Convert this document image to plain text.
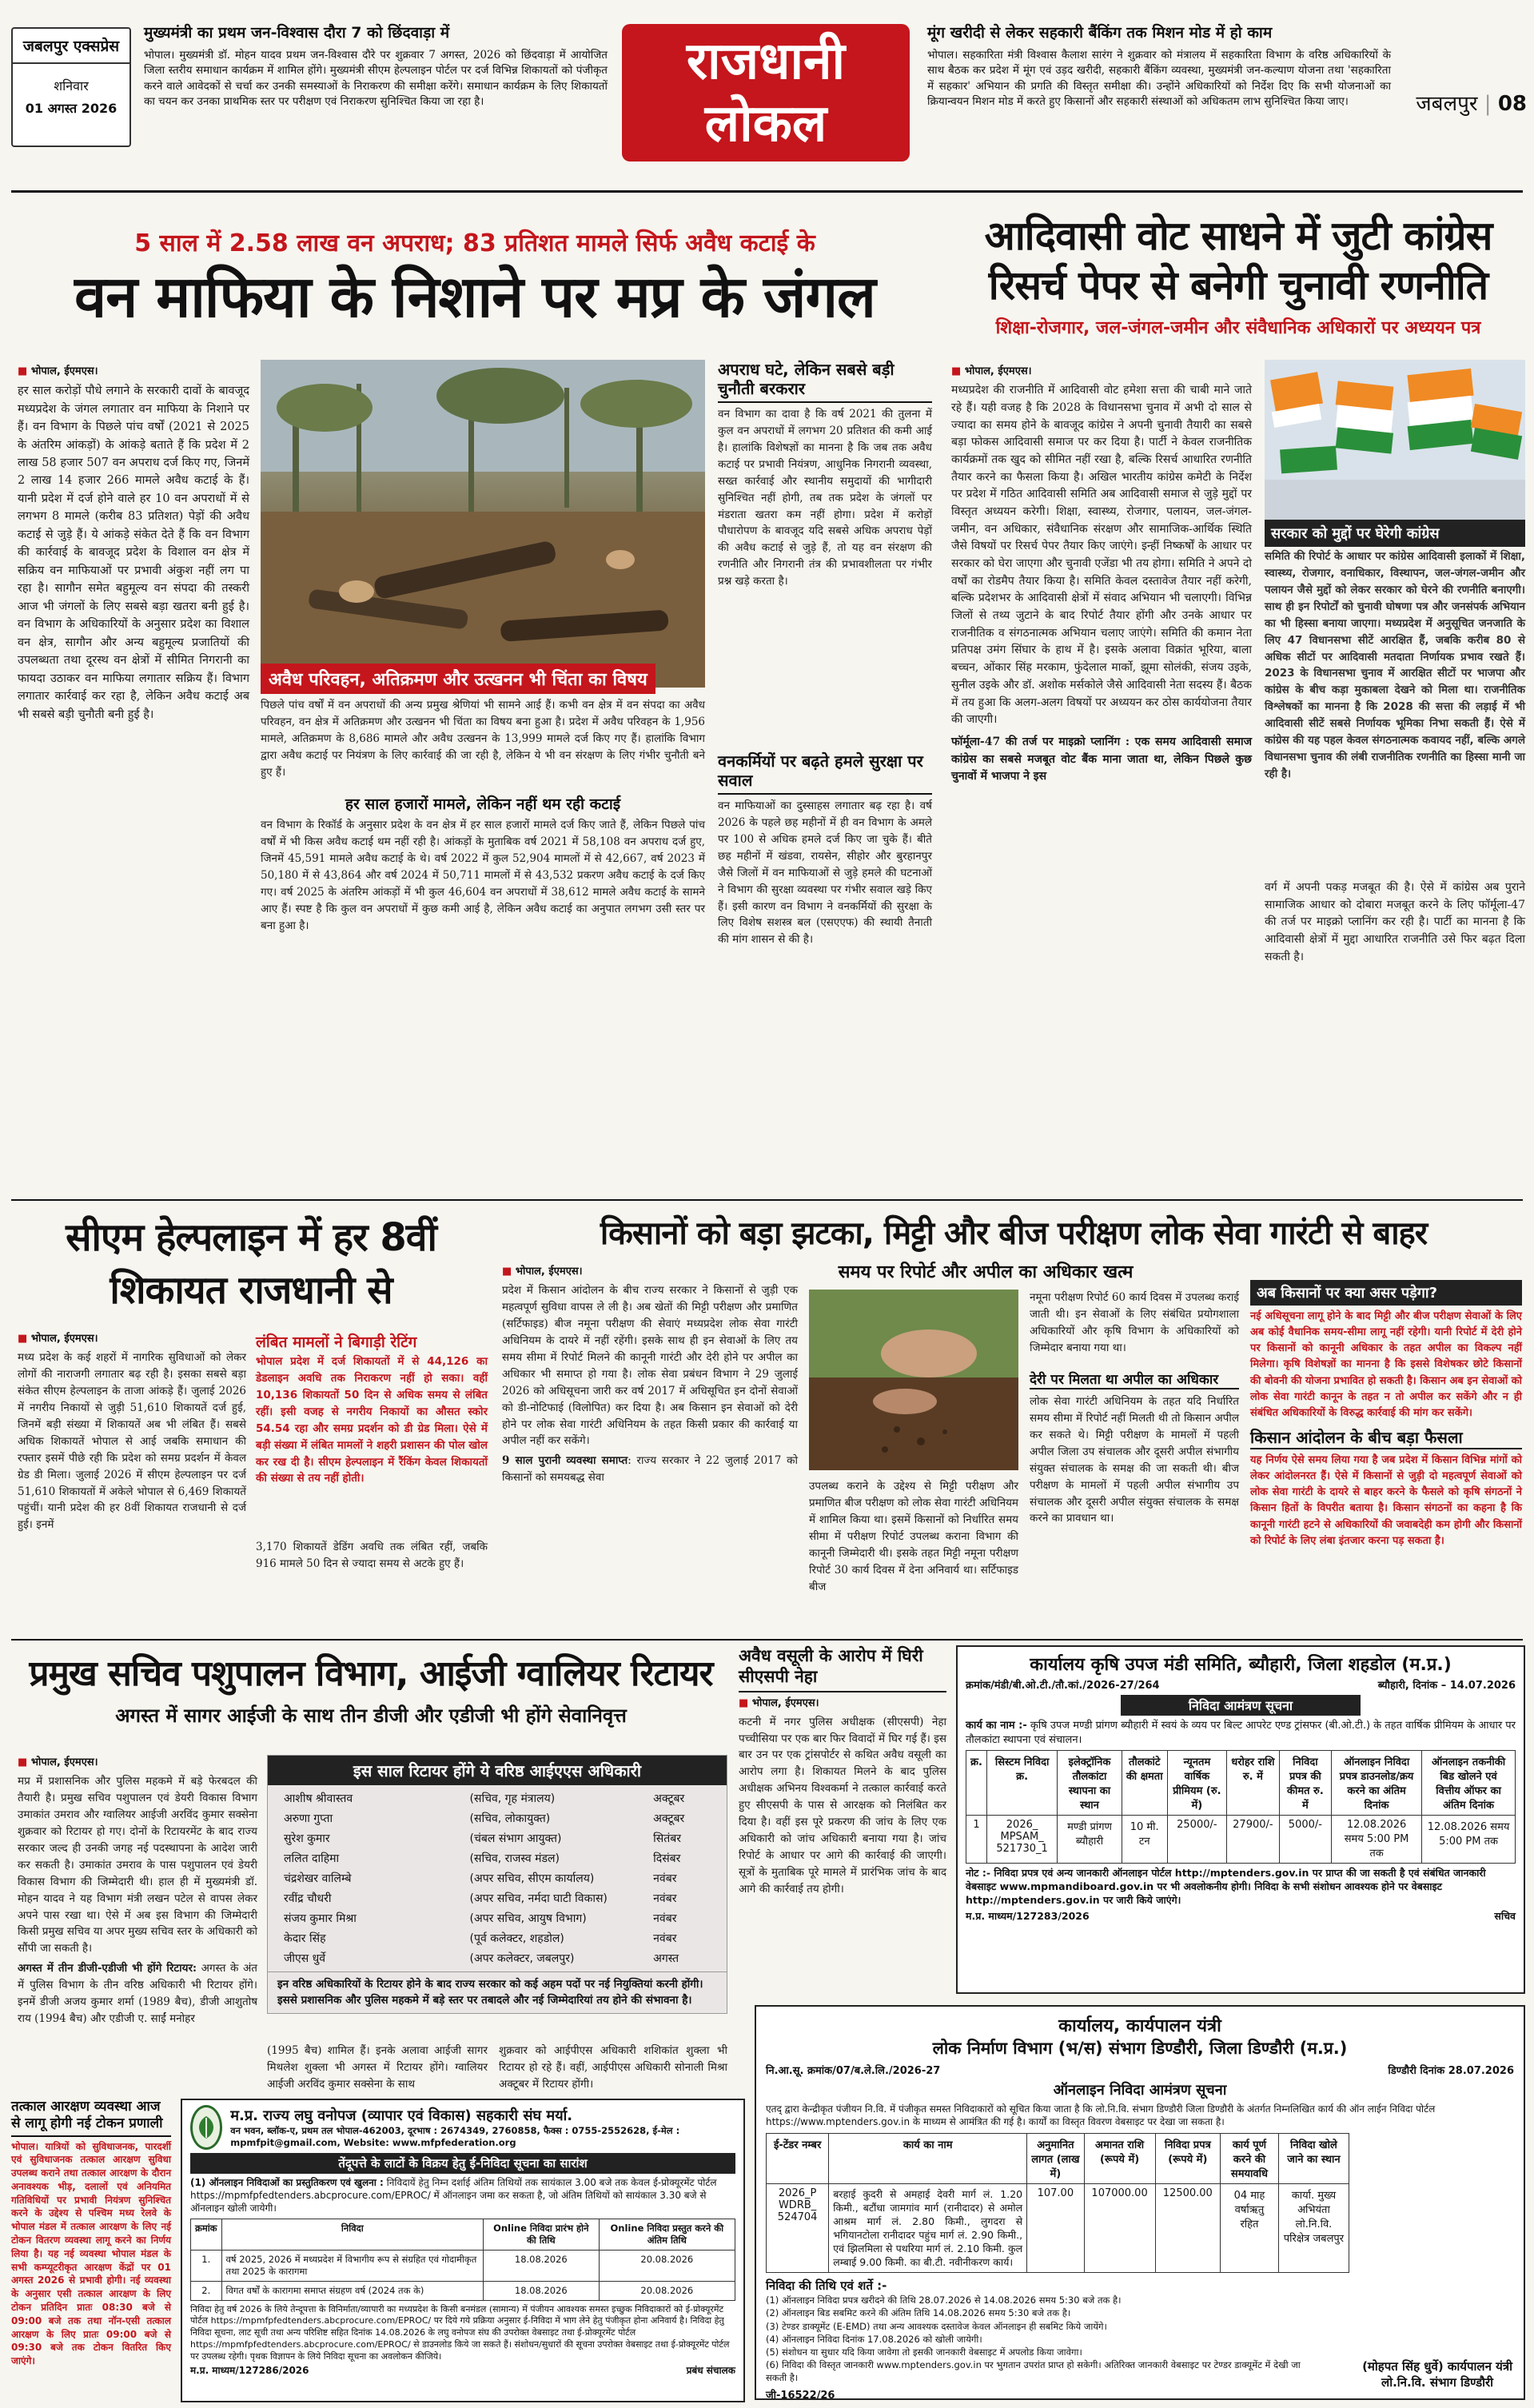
जबलपुर एक्सप्रेस
शनिवार
01 अगस्त 2026
मुख्यमंत्री का प्रथम जन-विश्वास दौरा 7 को छिंदवाड़ा में
भोपाल। मुख्यमंत्री डॉ. मोहन यादव प्रथम जन-विश्वास दौरे पर शुक्रवार 7 अगस्त, 2026 को छिंदवाड़ा में आयोजित जिला स्तरीय समाधान कार्यक्रम में शामिल होंगे। मुख्यमंत्री सीएम हेल्पलाइन पोर्टल पर दर्ज विभिन्न शिकायतों को पंजीकृत करने वाले आवेदकों से चर्चा कर उनकी समस्याओं के निराकरण की समीक्षा करेंगे। समाधान कार्यक्रम के लिए शिकायतों का चयन कर उनका प्राथमिक स्तर पर परीक्षण एवं निराकरण सुनिश्चित किया जा रहा है।
राजधानी लोकल
मूंग खरीदी से लेकर सहकारी बैंकिंग तक मिशन मोड में हो काम
भोपाल। सहकारिता मंत्री विश्वास कैलाश सारंग ने शुक्रवार को मंत्रालय में सहकारिता विभाग के वरिष्ठ अधिकारियों के साथ बैठक कर प्रदेश में मूंग एवं उड़द खरीदी, सहकारी बैंकिंग व्यवस्था, मुख्यमंत्री जन-कल्याण योजना तथा 'सहकारिता में सहकार' अभियान की प्रगति की विस्तृत समीक्षा की। उन्होंने अधिकारियों को निर्देश दिए कि सभी योजनाओं का क्रियान्वयन मिशन मोड में करते हुए किसानों और सहकारी संस्थाओं को अधिकतम लाभ सुनिश्चित किया जाए।	जबलपुर | 08
5 साल में 2.58 लाख वन अपराध; 83 प्रतिशत मामले सिर्फ अवैध कटाई के
वन माफिया के निशाने पर मप्र के जंगल
■ भोपाल, ईएमएस।
हर साल करोड़ों पौधे लगाने के सरकारी दावों के बावजूद मध्यप्रदेश के जंगल लगातार वन माफिया के निशाने पर हैं। वन विभाग के पिछले पांच वर्षों (2021 से 2025 के अंतरिम आंकड़ों) के आंकड़े बताते हैं कि प्रदेश में 2 लाख 58 हजार 507 वन अपराध दर्ज किए गए, जिनमें 2 लाख 14 हजार 266 मामले अवैध कटाई के हैं। यानी प्रदेश में दर्ज होने वाले हर 10 वन अपराधों में से लगभग 8 मामले (करीब 83 प्रतिशत) पेड़ों की अवैध कटाई से जुड़े हैं। ये आंकड़े संकेत देते हैं कि वन विभाग की कार्रवाई के बावजूद प्रदेश के विशाल वन क्षेत्र में सक्रिय वन माफियाओं पर प्रभावी अंकुश नहीं लग पा रहा है। सागौन समेत बहुमूल्य वन संपदा की तस्करी आज भी जंगलों के लिए सबसे बड़ा खतरा बनी हुई है। वन विभाग के अधिकारियों के अनुसार प्रदेश का विशाल वन क्षेत्र, सागौन और अन्य बहुमूल्य प्रजातियों की उपलब्धता तथा दूरस्थ वन क्षेत्रों में सीमित निगरानी का फायदा उठाकर वन माफिया लगातार सक्रिय हैं। विभाग लगातार कार्रवाई कर रहा है, लेकिन अवैध कटाई अब भी सबसे बड़ी चुनौती बनी हुई है।
अवैध परिवहन, अतिक्रमण और उत्खनन भी चिंता का विषय
पिछले पांच वर्षों में वन अपराधों की अन्य प्रमुख श्रेणियां भी सामने आई हैं। कभी वन क्षेत्र में वन संपदा का अवैध परिवहन, वन क्षेत्र में अतिक्रमण और उत्खनन भी चिंता का विषय बना हुआ है। प्रदेश में अवैध परिवहन के 1,956 मामले, अतिक्रमण के 8,686 मामले और अवैध उत्खनन के 13,999 मामले दर्ज किए गए हैं। हालांकि विभाग द्वारा अवैध कटाई पर नियंत्रण के लिए कार्रवाई की जा रही है, लेकिन ये भी वन संरक्षण के लिए गंभीर चुनौती बने हुए हैं।
हर साल हजारों मामले, लेकिन नहीं थम रही कटाई
वन विभाग के रिकॉर्ड के अनुसार प्रदेश के वन क्षेत्र में हर साल हजारों मामले दर्ज किए जाते हैं, लेकिन पिछले पांच वर्षों में भी किस अवैध कटाई थम नहीं रही है। आंकड़ों के मुताबिक वर्ष 2021 में 58,108 वन अपराध दर्ज हुए, जिनमें 45,591 मामले अवैध कटाई के थे। वर्ष 2022 में कुल 52,904 मामलों में से 42,667, वर्ष 2023 में 50,180 में से 43,864 और वर्ष 2024 में 50,711 मामलों में से 43,532 प्रकरण अवैध कटाई के दर्ज किए गए। वर्ष 2025 के अंतरिम आंकड़ों में भी कुल 46,604 वन अपराधों में 38,612 मामले अवैध कटाई के सामने आए हैं। स्पष्ट है कि कुल वन अपराधों में कुछ कमी आई है, लेकिन अवैध कटाई का अनुपात लगभग उसी स्तर पर बना हुआ है।
अपराध घटे, लेकिन सबसे बड़ी चुनौती बरकरार
वन विभाग का दावा है कि वर्ष 2021 की तुलना में कुल वन अपराधों में लगभग 20 प्रतिशत की कमी आई है। हालांकि विशेषज्ञों का मानना है कि जब तक अवैध कटाई पर प्रभावी नियंत्रण, आधुनिक निगरानी व्यवस्था, सख्त कार्रवाई और स्थानीय समुदायों की भागीदारी सुनिश्चित नहीं होगी, तब तक प्रदेश के जंगलों पर मंडराता खतरा कम नहीं होगा। प्रदेश में करोड़ों पौधारोपण के बावजूद यदि सबसे अधिक अपराध पेड़ों की अवैध कटाई से जुड़े हैं, तो यह वन संरक्षण की रणनीति और निगरानी तंत्र की प्रभावशीलता पर गंभीर प्रश्न खड़े करता है।
वनकर्मियों पर बढ़ते हमले सुरक्षा पर सवाल
वन माफियाओं का दुस्साहस लगातार बढ़ रहा है। वर्ष 2026 के पहले छह महीनों में ही वन विभाग के अमले पर 100 से अधिक हमले दर्ज किए जा चुके हैं। बीते छह महीनों में खंडवा, रायसेन, सीहोर और बुरहानपुर जैसे जिलों में वन माफियाओं से जुड़े हमले की घटनाओं ने विभाग की सुरक्षा व्यवस्था पर गंभीर सवाल खड़े किए हैं। इसी कारण वन विभाग ने वनकर्मियों की सुरक्षा के लिए विशेष सशस्त्र बल (एसएएफ) की स्थायी तैनाती की मांग शासन से की है।
आदिवासी वोट साधने में जुटी कांग्रेस
रिसर्च पेपर से बनेगी चुनावी रणनीति
शिक्षा-रोजगार, जल-जंगल-जमीन और संवैधानिक अधिकारों पर अध्ययन पत्र
■ भोपाल, ईएमएस।
मध्यप्रदेश की राजनीति में आदिवासी वोट हमेशा सत्ता की चाबी माने जाते रहे हैं। यही वजह है कि 2028 के विधानसभा चुनाव में अभी दो साल से ज्यादा का समय होने के बावजूद कांग्रेस ने अपनी चुनावी तैयारी का सबसे बड़ा फोकस आदिवासी समाज पर कर दिया है। पार्टी ने केवल राजनीतिक कार्यक्रमों तक खुद को सीमित नहीं रखा है, बल्कि रिसर्च आधारित रणनीति तैयार करने का फैसला किया है। अखिल भारतीय कांग्रेस कमेटी के निर्देश पर प्रदेश में गठित आदिवासी समिति अब आदिवासी समाज से जुड़े मुद्दों पर विस्तृत अध्ययन करेगी। शिक्षा, स्वास्थ्य, रोजगार, पलायन, जल-जंगल-जमीन, वन अधिकार, संवैधानिक संरक्षण और सामाजिक-आर्थिक स्थिति जैसे विषयों पर रिसर्च पेपर तैयार किए जाएंगे। इन्हीं निष्कर्षों के आधार पर सरकार को घेरा जाएगा और चुनावी एजेंडा भी तय होगा। समिति ने अपने दो वर्षों का रोडमैप तैयार किया है। समिति केवल दस्तावेज तैयार नहीं करेगी, बल्कि प्रदेशभर के आदिवासी क्षेत्रों में संवाद अभियान भी चलाएगी। विभिन्न जिलों से तथ्य जुटाने के बाद रिपोर्ट तैयार होंगी और उनके आधार पर राजनीतिक व संगठनात्मक अभियान चलाए जाएंगे। समिति की कमान नेता प्रतिपक्ष उमंग सिंघार के हाथ में है। इसके अलावा विक्रांत भूरिया, बाला बच्चन, ओंकार सिंह मरकाम, फुंदेलाल मार्को, झूमा सोलंकी, संजय उइके, सुनील उइके और डॉ. अशोक मर्सकोले जैसे आदिवासी नेता सदस्य हैं। बैठक में तय हुआ कि अलग-अलग विषयों पर अध्ययन कर ठोस कार्ययोजना तैयार की जाएगी।

फॉर्मूला-47 की तर्ज पर माइक्रो प्लानिंग : एक समय आदिवासी समाज कांग्रेस का सबसे मजबूत वोट बैंक माना जाता था, लेकिन पिछले कुछ चुनावों में भाजपा ने इस

सरकार को मुद्दों पर घेरेगी कांग्रेस
समिति की रिपोर्ट के आधार पर कांग्रेस आदिवासी इलाकों में शिक्षा, स्वास्थ्य, रोजगार, वनाधिकार, विस्थापन, जल-जंगल-जमीन और पलायन जैसे मुद्दों को लेकर सरकार को घेरने की रणनीति बनाएगी। साथ ही इन रिपोर्टों को चुनावी घोषणा पत्र और जनसंपर्क अभियान का भी हिस्सा बनाया जाएगा। मध्यप्रदेश में अनुसूचित जनजाति के लिए 47 विधानसभा सीटें आरक्षित हैं, जबकि करीब 80 से अधिक सीटों पर आदिवासी मतदाता निर्णायक प्रभाव रखते हैं। 2023 के विधानसभा चुनाव में आरक्षित सीटों पर भाजपा और कांग्रेस के बीच कड़ा मुकाबला देखने को मिला था। राजनीतिक विश्लेषकों का मानना है कि 2028 की सत्ता की लड़ाई में भी आदिवासी सीटें सबसे निर्णायक भूमिका निभा सकती हैं। ऐसे में कांग्रेस की यह पहल केवल संगठनात्मक कवायद नहीं, बल्कि अगले विधानसभा चुनाव की लंबी राजनीतिक रणनीति का हिस्सा मानी जा रही है।
वर्ग में अपनी पकड़ मजबूत की है। ऐसे में कांग्रेस अब पुराने सामाजिक आधार को दोबारा मजबूत करने के लिए फॉर्मूला-47 की तर्ज पर माइक्रो प्लानिंग कर रही है। पार्टी का मानना है कि आदिवासी क्षेत्रों में मुद्दा आधारित राजनीति उसे फिर बढ़त दिला सकती है।
सीएम हेल्पलाइन में हर 8वीं शिकायत राजधानी से
■ भोपाल, ईएमएस।
मध्य प्रदेश के कई शहरों में नागरिक सुविधाओं को लेकर लोगों की नाराजगी लगातार बढ़ रही है। इसका सबसे बड़ा संकेत सीएम हेल्पलाइन के ताजा आंकड़े हैं। जुलाई 2026 में नगरीय निकायों से जुड़ी 51,610 शिकायतें दर्ज हुई, जिनमें बड़ी संख्या में शिकायतें अब भी लंबित हैं। सबसे अधिक शिकायतें भोपाल से आई जबकि समाधान की रफ्तार इसमें पीछे रही कि प्रदेश को समग्र प्रदर्शन में केवल ग्रेड डी मिला। जुलाई 2026 में सीएम हेल्पलाइन पर दर्ज 51,610 शिकायतों में अकेले भोपाल से 6,469 शिकायतें पहुंचीं। यानी प्रदेश की हर 8वीं शिकायत राजधानी से दर्ज हुई। इनमें
लंबित मामलों ने बिगाड़ी रेटिंग
भोपाल प्रदेश में दर्ज शिकायतों में से 44,126 का डेडलाइन अवधि तक निराकरण नहीं हो सका। वहीं 10,136 शिकायतों 50 दिन से अधिक समय से लंबित रहीं। इसी वजह से नगरीय निकायों का औसत स्कोर 54.54 रहा और समग्र प्रदर्शन को डी ग्रेड मिला। ऐसे में बड़ी संख्या में लंबित मामलों ने शहरी प्रशासन की पोल खोल कर रख दी है। सीएम हेल्पलाइन में रैंकिंग केवल शिकायतों की संख्या से तय नहीं होती।
3,170 शिकायतें डेडिंग अवधि तक लंबित रहीं, जबकि 916 मामले 50 दिन से ज्यादा समय से अटके हुए हैं।
किसानों को बड़ा झटका, मिट्टी और बीज परीक्षण लोक सेवा गारंटी से बाहर
समय पर रिपोर्ट और अपील का अधिकार खत्म
■ भोपाल, ईएमएस।
प्रदेश में किसान आंदोलन के बीच राज्य सरकार ने किसानों से जुड़ी एक महत्वपूर्ण सुविधा वापस ले ली है। अब खेतों की मिट्टी परीक्षण और प्रमाणित (सर्टिफाइड) बीज नमूना परीक्षण की सेवाएं मध्यप्रदेश लोक सेवा गारंटी अधिनियम के दायरे में नहीं रहेंगी। इसके साथ ही इन सेवाओं के लिए तय समय सीमा में रिपोर्ट मिलने की कानूनी गारंटी और देरी होने पर अपील का अधिकार भी समाप्त हो गया है। लोक सेवा प्रबंधन विभाग ने 29 जुलाई 2026 को अधिसूचना जारी कर वर्ष 2017 में अधिसूचित इन दोनों सेवाओं को डी-नोटिफाई (विलोपित) कर दिया है। अब किसान इन सेवाओं को देरी होने पर लोक सेवा गारंटी अधिनियम के तहत किसी प्रकार की कार्रवाई या अपील नहीं कर सकेंगे।

9 साल पुरानी व्यवस्था समाप्त: राज्य सरकार ने 22 जुलाई 2017 को किसानों को समयबद्ध सेवा

उपलब्ध कराने के उद्देश्य से मिट्टी परीक्षण और प्रमाणित बीज परीक्षण को लोक सेवा गारंटी अधिनियम में शामिल किया था। इसमें किसानों को निर्धारित समय सीमा में परीक्षण रिपोर्ट उपलब्ध कराना विभाग की कानूनी जिम्मेदारी थी। इसके तहत मिट्टी नमूना परीक्षण रिपोर्ट 30 कार्य दिवस में देना अनिवार्य था। सर्टिफाइड बीज
नमूना परीक्षण रिपोर्ट 60 कार्य दिवस में उपलब्ध कराई जाती थी। इन सेवाओं के लिए संबंधित प्रयोगशाला अधिकारियों और कृषि विभाग के अधिकारियों को जिम्मेदार बनाया गया था।
देरी पर मिलता था अपील का अधिकार
लोक सेवा गारंटी अधिनियम के तहत यदि निर्धारित समय सीमा में रिपोर्ट नहीं मिलती थी तो किसान अपील कर सकते थे। मिट्टी परीक्षण के मामलों में पहली अपील जिला उप संचालक और दूसरी अपील संभागीय संयुक्त संचालक के समक्ष की जा सकती थी। बीज परीक्षण के मामलों में पहली अपील संभागीय उप संचालक और दूसरी अपील संयुक्त संचालक के समक्ष करने का प्रावधान था।
अब किसानों पर क्या असर पड़ेगा?
नई अधिसूचना लागू होने के बाद मिट्टी और बीज परीक्षण सेवाओं के लिए अब कोई वैधानिक समय-सीमा लागू नहीं रहेगी। यानी रिपोर्ट में देरी होने पर किसानों को कानूनी अधिकार के तहत अपील का विकल्प नहीं मिलेगा। कृषि विशेषज्ञों का मानना है कि इससे विशेषकर छोटे किसानों की बोवनी की योजना प्रभावित हो सकती है। किसान अब इन सेवाओं को लोक सेवा गारंटी कानून के तहत न तो अपील कर सकेंगे और न ही संबंधित अधिकारियों के विरुद्ध कार्रवाई की मांग कर सकेंगे।
किसान आंदोलन के बीच बड़ा फैसला
यह निर्णय ऐसे समय लिया गया है जब प्रदेश में किसान विभिन्न मांगों को लेकर आंदोलनरत हैं। ऐसे में किसानों से जुड़ी दो महत्वपूर्ण सेवाओं को लोक सेवा गारंटी के दायरे से बाहर करने के फैसले को कृषि संगठनों ने किसान हितों के विपरीत बताया है। किसान संगठनों का कहना है कि कानूनी गारंटी हटने से अधिकारियों की जवाबदेही कम होगी और किसानों को रिपोर्ट के लिए लंबा इंतजार करना पड़ सकता है।
प्रमुख सचिव पशुपालन विभाग, आईजी ग्वालियर रिटायर
अगस्त में सागर आईजी के साथ तीन डीजी और एडीजी भी होंगे सेवानिवृत्त
■ भोपाल, ईएमएस।
मप्र में प्रशासनिक और पुलिस महकमे में बड़े फेरबदल की तैयारी है। प्रमुख सचिव पशुपालन एवं डेयरी विकास विभाग उमाकांत उमराव और ग्वालियर आईजी अरविंद कुमार सक्सेना शुक्रवार को रिटायर हो गए। दोनों के रिटायरमेंट के बाद राज्य सरकार जल्द ही उनकी जगह नई पदस्थापना के आदेश जारी कर सकती है। उमाकांत उमराव के पास पशुपालन एवं डेयरी विकास विभाग की जिम्मेदारी थी। हाल ही में मुख्यमंत्री डॉ. मोहन यादव ने यह विभाग मंत्री लखन पटेल से वापस लेकर अपने पास रखा था। ऐसे में अब इस विभाग की जिम्मेदारी किसी प्रमुख सचिव या अपर मुख्य सचिव स्तर के अधिकारी को सौंपी जा सकती है।

अगस्त में तीन डीजी-एडीजी भी होंगे रिटायर: अगस्त के अंत में पुलिस विभाग के तीन वरिष्ठ अधिकारी भी रिटायर होंगे। इनमें डीजी अजय कुमार शर्मा (1989 बैच), डीजी आशुतोष राय (1994 बैच) और एडीजी ए. साईं मनोहर

इस साल रिटायर होंगे ये वरिष्ठ आईएएस अधिकारी
आशीष श्रीवास्तव	(सचिव, गृह मंत्रालय)	अक्टूबर
अरुणा गुप्ता	(सचिव, लोकायुक्त)	अक्टूबर
सुरेश कुमार	(चंबल संभाग आयुक्त)	सितंबर
ललित दाहिमा	(सचिव, राजस्व मंडल)	दिसंबर
चंद्रशेखर वालिम्बे	(अपर सचिव, सीएम कार्यालय)	नवंबर
रवींद्र चौधरी	(अपर सचिव, नर्मदा घाटी विकास)	नवंबर
संजय कुमार मिश्रा	(अपर सचिव, आयुष विभाग)	नवंबर
केदार सिंह	(पूर्व कलेक्टर, शहडोल)	नवंबर
जीएस धुर्वे	(अपर कलेक्टर, जबलपुर)	अगस्त
इन वरिष्ठ अधिकारियों के रिटायर होने के बाद राज्य सरकार को कई अहम पदों पर नई नियुक्तियां करनी होंगी। इससे प्रशासनिक और पुलिस महकमे में बड़े स्तर पर तबादले और नई जिम्मेदारियां तय होने की संभावना है।
(1995 बैच) शामिल हैं। इनके अलावा आईजी सागर मिथलेश शुक्ला भी अगस्त में रिटायर होंगे। ग्वालियर आईजी अरविंद कुमार सक्सेना के साथ
शुक्रवार को आईपीएस अधिकारी शशिकांत शुक्ला भी रिटायर हो रहे हैं। वहीं, आईपीएस अधिकारी सोनाली मिश्रा अक्टूबर में रिटायर होंगी।
अवैध वसूली के आरोप में घिरी सीएसपी नेहा
■ भोपाल, ईएमएस।
कटनी में नगर पुलिस अधीक्षक (सीएसपी) नेहा पच्चीसिया पर एक बार फिर विवादों में घिर गई हैं। इस बार उन पर एक ट्रांसपोर्टर से कथित अवैध वसूली का आरोप लगा है। शिकायत मिलने के बाद पुलिस अधीक्षक अभिनय विश्वकर्मा ने तत्काल कार्रवाई करते हुए सीएसपी के पास से आरक्षक को निलंबित कर दिया है। वहीं इस पूरे प्रकरण की जांच के लिए एक अधिकारी को जांच अधिकारी बनाया गया है। जांच रिपोर्ट के आधार पर आगे की कार्रवाई की जाएगी। सूत्रों के मुताबिक पूरे मामले में प्रारंभिक जांच के बाद आगे की कार्रवाई तय होगी।
कार्यालय कृषि उपज मंडी समिति, ब्यौहारी, जिला शहडोल (म.प्र.)
क्रमांक/मंडी/बी.ओ.टी./तौ.कां./2026-27/264	ब्यौहारी, दिनांक – 14.07.2026
निविदा आमंत्रण सूचना
कार्य का नाम :- कृषि उपज मण्डी प्रांगण ब्यौहारी में स्वयं के व्यय पर बिल्ट आपरेट एण्ड ट्रांसफर (बी.ओ.टी.) के तहत वार्षिक प्रीमियम के आधार पर तौलकांटा स्थापना एवं संचालन।
क्र.	सिस्टम निविदा क्र.	इलेक्ट्रॉनिक तौलकांटा स्थापना का स्थान	तौलकांटे की क्षमता	न्यूनतम वार्षिक प्रीमियम (रु. में)	धरोहर राशि रु. में	निविदा प्रपत्र की कीमत रु. में	ऑनलाइन निविदा प्रपत्र डाउनलोड/क्रय करने का अंतिम दिनांक	ऑनलाइन तकनीकी बिड खोलने एवं वित्तीय ऑफर का अंतिम दिनांक
1	2026_ MPSAM_ 521730_1	मण्डी प्रांगण ब्यौहारी	10 मी. टन	25000/-	27900/-	5000/-	12.08.2026 समय 5:00 PM तक	12.08.2026 समय 5:00 PM तक
नोट :- निविदा प्रपत्र एवं अन्य जानकारी ऑनलाइन पोर्टल http://mptenders.gov.in पर प्राप्त की जा सकती है एवं संबंधित जानकारी वेबसाइट www.mpmandiboard.gov.in पर भी अवलोकनीय होगी। निविदा के सभी संशोधन आवश्यक होने पर वेबसाइट http://mptenders.gov.in पर जारी किये जाएंगे।
म.प्र. माध्यम/127283/2026	सचिव
कार्यालय, कार्यपालन यंत्री
लोक निर्माण विभाग (भ/स) संभाग डिण्डौरी, जिला डिण्डौरी (म.प्र.)
नि.आ.सू. क्रमांक/07/ब.ले.लि./2026-27	डिण्डौरी दिनांक 28.07.2026
ऑनलाइन निविदा आमंत्रण सूचना
एतद् द्वारा केन्द्रीकृत पंजीयन नि.वि. में पंजीकृत समस्त निविदाकारों को सूचित किया जाता है कि लो.नि.वि. संभाग डिण्डौरी जिला डिण्डौरी के अंतर्गत निम्नलिखित कार्य की ऑन लाईन निविदा पोर्टल https://www.mptenders.gov.in के माध्यम से आमंत्रित की गई है। कार्यों का विस्तृत विवरण वेबसाइट पर देखा जा सकता है।
ई-टेंडर नम्बर	कार्य का नाम	अनुमानित लागत (लाख में)	अमानत राशि (रूपये में)	निविदा प्रपत्र (रूपये में)	कार्य पूर्ण करने की समयावधि	निविदा खोले जाने का स्थान
2026_P WDRB_ 524704	बरहाई कुदरी से अमहाई देवरी मार्ग लं. 1.20 किमी., बटौंधा जामगांव मार्ग (रानीदादर) से अमोल आश्रम मार्ग लं. 2.80 किमी., लुगदरा से भगियानटोला रानीदादर पहुंच मार्ग लं. 2.90 किमी., एवं झिलमिला से पथरिया मार्ग लं. 2.10 किमी. कुल लम्बाई 9.00 किमी. का बी.टी. नवीनीकरण कार्य।	107.00	107000.00	12500.00	04 माह वर्षाऋतु रहित	कार्या. मुख्य अभियंता लो.नि.वि. परिक्षेत्र जबलपुर
निविदा की तिथि एवं शर्ते :-
(1) ऑनलाइन निविदा प्रपत्र खरीदने की तिथि 28.07.2026 से 14.08.2026 समय 5:30 बजे तक है।
(2) ऑनलाइन बिड सबमिट करने की अंतिम तिथि 14.08.2026 समय 5:30 बजे तक है।
(3) टेण्डर डाक्यूमेंट (E-EMD) तथा अन्य आवश्यक दस्तावेज केवल ऑनलाइन ही सबमिट किये जायेंगे।
(4) ऑनलाइन निविदा दिनांक 17.08.2026 को खोली जायेगी।
(5) संशोधन या सुधार यदि किया जावेगा तो इसकी जानकारी वेबसाइट में अपलोड किया जावेगा।
(6) निविदा की विस्तृत जानकारी www.mptenders.gov.in पर भुगतान उपरांत प्राप्त हो सकेगी। अतिरिक्त जानकारी वेबसाइट पर टेण्डर डाक्यूमेंट में देखी जा सकती है।
जी-16522/26
(मोहपत सिंह धुर्वे) कार्यपालन यंत्री
लो.नि.वि. संभाग डिण्डौरी
तत्काल आरक्षण व्यवस्था आज से लागू होगी नई टोकन प्रणाली
भोपाल। यात्रियों को सुविधाजनक, पारदर्शी एवं सुविधाजनक तत्काल आरक्षण सुविधा उपलब्ध कराने तथा तत्काल आरक्षण के दौरान अनावश्यक भीड़, दलालों एवं अनियमित गतिविधियों पर प्रभावी नियंत्रण सुनिश्चित करने के उद्देश्य से पश्चिम मध्य रेलवे के भोपाल मंडल में तत्काल आरक्षण के लिए नई टोकन वितरण व्यवस्था लागू करने का निर्णय लिया है। यह नई व्यवस्था भोपाल मंडल के सभी कम्प्यूटरीकृत आरक्षण केंद्रों पर 01 अगस्त 2026 से प्रभावी होगी। नई व्यवस्था के अनुसार एसी तत्काल आरक्षण के लिए टोकन प्रतिदिन प्रातः 08:30 बजे से 09:00 बजे तक तथा नॉन-एसी तत्काल आरक्षण के लिए प्रातः 09:00 बजे से 09:30 बजे तक टोकन वितरित किए जाएंगे।
म.प्र. राज्य लघु वनोपज (व्यापार एवं विकास) सहकारी संघ मर्या.
वन भवन, ब्लॉक-ए, प्रथम तल भोपाल-462003, दूरभाष : 2674349, 2760858, फैक्स : 0755-2552628, ई-मेल : mpmfpit@gmail.com, Website: www.mfpfederation.org
तेंदूपत्ते के लाटों के विक्रय हेतु ई-निविदा सूचना का सारांश
(1) ऑनलाइन निविदाओं का प्रस्तुतिकरण एवं खुलना : निविदायें हेतु निम्न दर्शाई अंतिम तिथियों तक सायंकाल 3.00 बजे तक केवल ई-प्रोक्यूरमेंट पोर्टल https://mpmfpfedtenders.abcprocure.com/EPROC/ में ऑनलाइन जमा कर सकता है, जो अंतिम तिथियों को सायंकाल 3.30 बजे से ऑनलाइन खोली जायेगी।
क्रमांक	निविदा	Online निविदा प्रारंभ होने की तिथि	Online निविदा प्रस्तुत करने की अंतिम तिथि
1.	वर्ष 2025, 2026 में मध्यप्रदेश में विभागीय रूप से संग्रहित एवं गोदामीकृत तथा 2025 के कारागमा	18.08.2026	20.08.2026
2.	विगत वर्षों के कारागमा समाप्त संग्रहण वर्ष (2024 तक के)	18.08.2026	20.08.2026
निविदा हेतु वर्ष 2026 के लिये तेन्दूपत्ता के विनिर्माता/व्यापारी का मध्यप्रदेश के किसी बनमंडल (सामान्य) में पंजीयन आवश्यक समस्त इच्छुक निविदाकारों को ई-प्रोक्यूरमेंट पोर्टल https://mpmfpfedtenders.abcprocure.com/EPROC/ पर दिये गये प्रक्रिया अनुसार ई-निविदा में भाग लेने हेतु पंजीकृत होना अनिवार्य है। निविदा हेतु निविदा सूचना, लाट सूची तथा अन्य परिशिष्ट सहित दिनांक 14.08.2026 के लघु वनोपज संघ की उपरोक्त वेबसाइट तथा ई-प्रोक्यूरमेंट पोर्टल https://mpmfpfedtenders.abcprocure.com/EPROC/ से डाउनलोड किये जा सकते हैं। संशोधन/सुधारों की सूचना उपरोक्त वेबसाइट तथा ई-प्रोक्यूरमेंट पोर्टल पर उपलब्ध रहेगी। पृथक विज्ञापन के लिये निविदा सूचना का अवलोकन कीजिये।
म.प्र. माध्यम/127286/2026	प्रबंध संचालक
